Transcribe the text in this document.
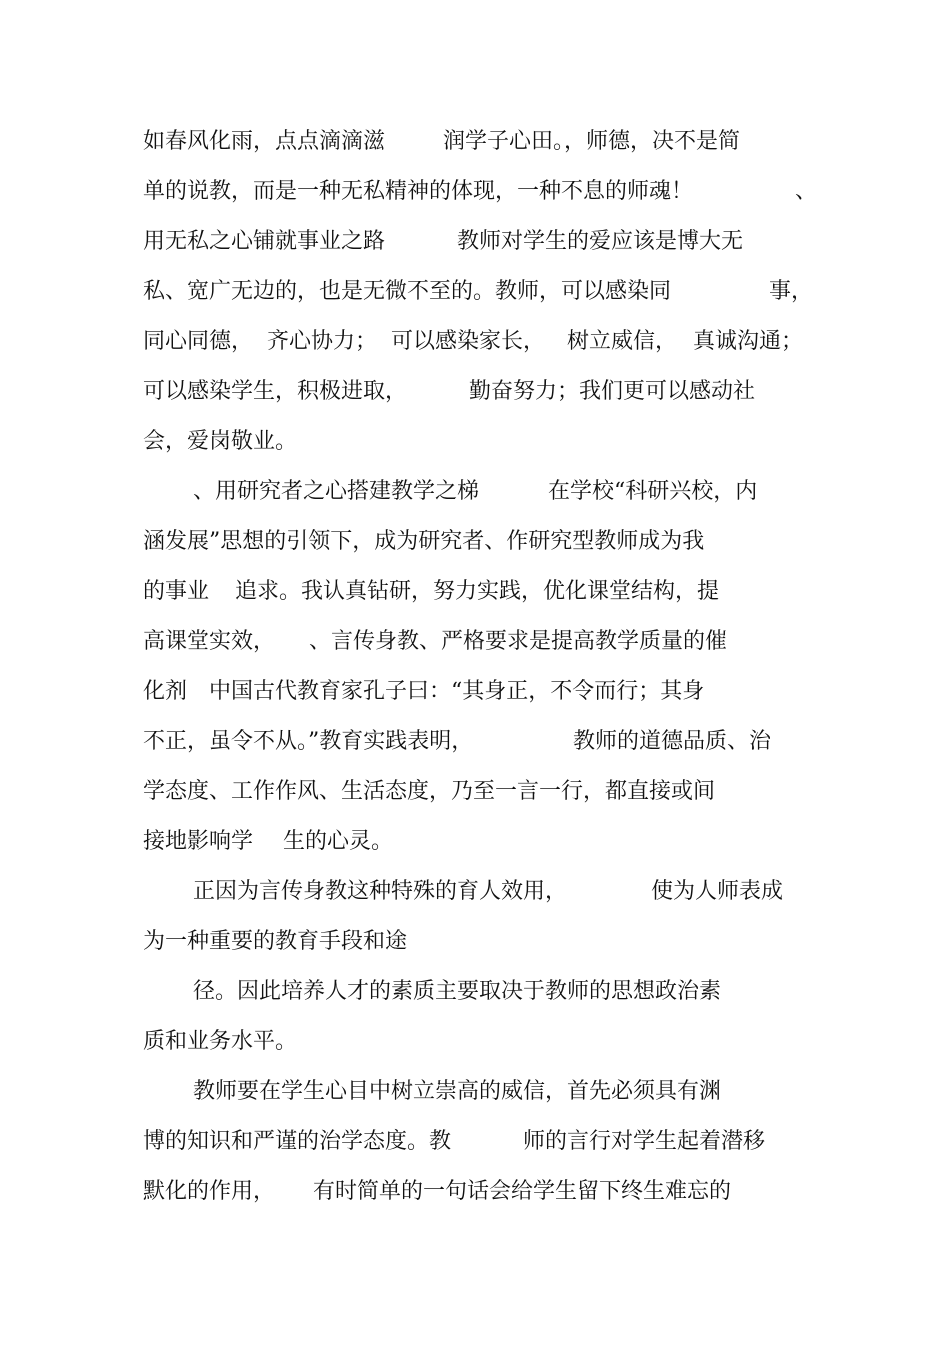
如春风化雨，点点滴滴滋	润学子心田。，师德，决不是简
单的说教，而是一种无私精神的体现，一种不息的师魂！	、
用无私之心铺就事业之路	教师对学生的爱应该是博大无
私、宽广无边的，也是无微不至的。教师，可以感染同	事，
同心同德， 齐心协力； 可以感染家长， 树立威信， 真诚沟通；
可以感染学生，积极进取，	勤奋努力；我们更可以感动社
会，爱岗敬业。
、用研究者之心搭建教学之梯	在学校“科研兴校，内
涵发展”思想的引领下，成为研究者、作研究型教师成为我
的事业 追求。我认真钻研，努力实践，优化课堂结构，提
高课堂实效， 、言传身教、严格要求是提高教学质量的催
化剂 中国古代教育家孔子曰：“其身正，不令而行；其身
不正，虽令不从。”教育实践表明，	教师的道德品质、治
学态度、工作作风、生活态度，乃至一言一行，都直接或间
接地影响学 生的心灵。
正因为言传身教这种特殊的育人效用，	使为人师表成
为一种重要的教育手段和途
径。因此培养人才的素质主要取决于教师的思想政治素
质和业务水平。
教师要在学生心目中树立崇高的威信，首先必须具有渊
博的知识和严谨的治学态度。教	师的言行对学生起着潜移
默化的作用， 有时简单的一句话会给学生留下终生难忘的
